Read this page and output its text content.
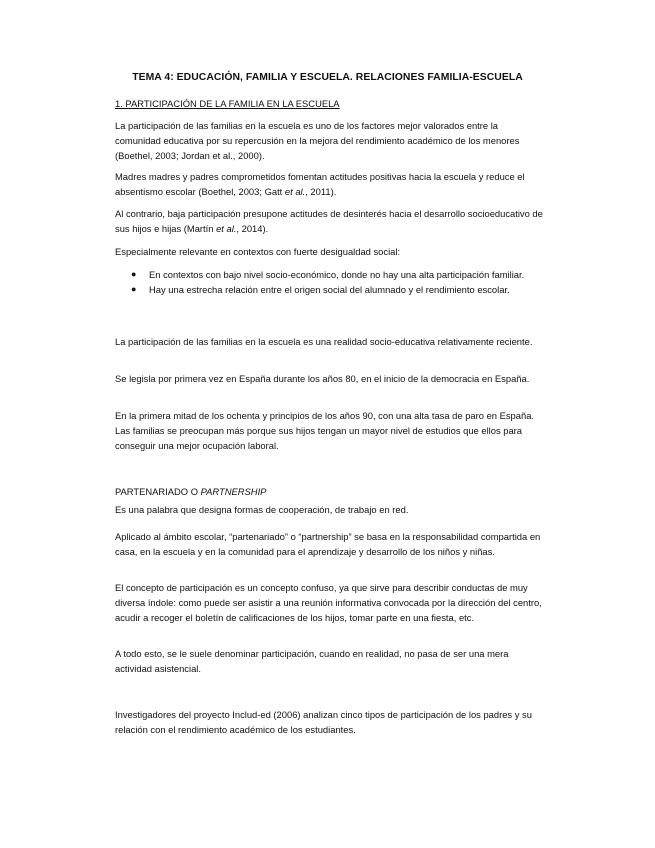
TEMA 4: EDUCACIÓN, FAMILIA Y ESCUELA. RELACIONES FAMILIA-ESCUELA
1. PARTICIPACIÓN DE LA FAMILIA EN LA ESCUELA

La participación de las familias en la escuela es uno de los factores mejor valorados entre la comunidad educativa por su repercusión en la mejora del rendimiento académico de los menores (Boethel, 2003; Jordan et al., 2000).

Madres madres y padres comprometidos fomentan actitudes positivas hacia la escuela y reduce el absentismo escolar (Boethel, 2003; Gatt et al., 2011).

Al contrario, baja participación presupone actitudes de desinterés hacia el desarrollo socioeducativo de sus hijos e hijas (Martín et al., 2014).

Especialmente relevante en contextos con fuerte desigualdad social:

● En contextos con bajo nivel socio-económico, donde no hay una alta participación familiar.
● Hay una estrecha relación entre el origen social del alumnado y el rendimiento escolar.

La participación de las familias en la escuela es una realidad socio-educativa relativamente reciente.

Se legisla por primera vez en España durante los años 80, en el inicio de la democracia en España.

En la primera mitad de los ochenta y principios de los años 90, con una alta tasa de paro en España. Las familias se preocupan más porque sus hijos tengan un mayor nivel de estudios que ellos para conseguir una mejor ocupación laboral.

PARTENARIADO O PARTNERSHIP

Es una palabra que designa formas de cooperación, de trabajo en red.

Aplicado al ámbito escolar, “partenariado” o “partnership” se basa en la responsabilidad compartida en casa, en la escuela y en la comunidad para el aprendizaje y desarrollo de los niños y niñas.

El concepto de participación es un concepto confuso, ya que sirve para describir conductas de muy diversa índole: como puede ser asistir a una reunión informativa convocada por la dirección del centro, acudir a recoger el boletín de calificaciones de los hijos, tomar parte en una fiesta, etc.

A todo esto, se le suele denominar participación, cuando en realidad, no pasa de ser una mera actividad asistencial.

Investigadores del proyecto Includ-ed (2006) analizan cinco tipos de participación de los padres y su relación con el rendimiento académico de los estudiantes.
